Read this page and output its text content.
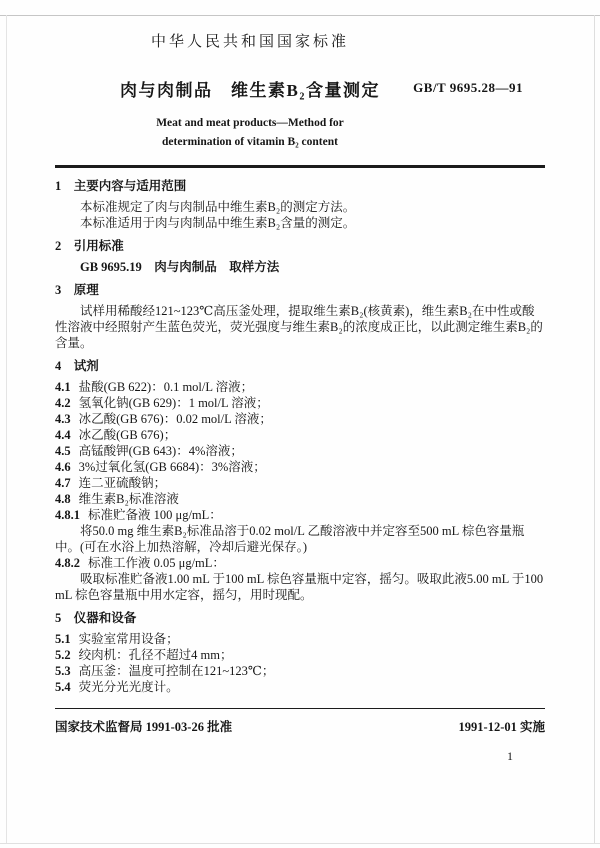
中华人民共和国国家标准
肉与肉制品　维生素B₂含量测定
Meat and meat products—Method for
determination of vitamin B₂ content
GB/T 9695.28—91
1　主要内容与适用范围
本标准规定了肉与肉制品中维生素B₂的测定方法。
本标准适用于肉与肉制品中维生素B₂含量的测定。
2　引用标准
GB 9695.19　肉与肉制品　取样方法
3　原理
试样用稀酸经121~123℃高压釜处理，提取维生素B₂(核黄素)，维生素B₂在中性或酸性溶液中经照射产生蓝色荧光，荧光强度与维生素B₂的浓度成正比，以此测定维生素B₂的含量。
4　试剂
4.1 盐酸(GB 622)：0.1 mol/L 溶液；
4.2 氢氧化钠(GB 629)：1 mol/L 溶液；
4.3 冰乙酸(GB 676)：0.02 mol/L 溶液；
4.4 冰乙酸(GB 676)；
4.5 高锰酸钾(GB 643)：4%溶液；
4.6 3%过氧化氢(GB 6684)：3%溶液；
4.7 连二亚硫酸钠；
4.8 维生素B₂标准溶液
4.8.1 标准贮备液 100 μg/mL：
将50.0 mg 维生素B₂标准品溶于0.02 mol/L 乙酸溶液中并定容至500 mL 棕色容量瓶中。(可在水浴上加热溶解，冷却后避光保存。)
4.8.2 标准工作液 0.05 μg/mL：
吸取标准贮备液1.00 mL 于100 mL 棕色容量瓶中定容，摇匀。吸取此液5.00 mL 于100 mL 棕色容量瓶中用水定容，摇匀，用时现配。
5　仪器和设备
5.1 实验室常用设备；
5.2 绞肉机：孔径不超过4 mm；
5.3 高压釜：温度可控制在121~123℃；
5.4 荧光分光光度计。
国家技术监督局 1991-03-26 批准	1991-12-01 实施
1
